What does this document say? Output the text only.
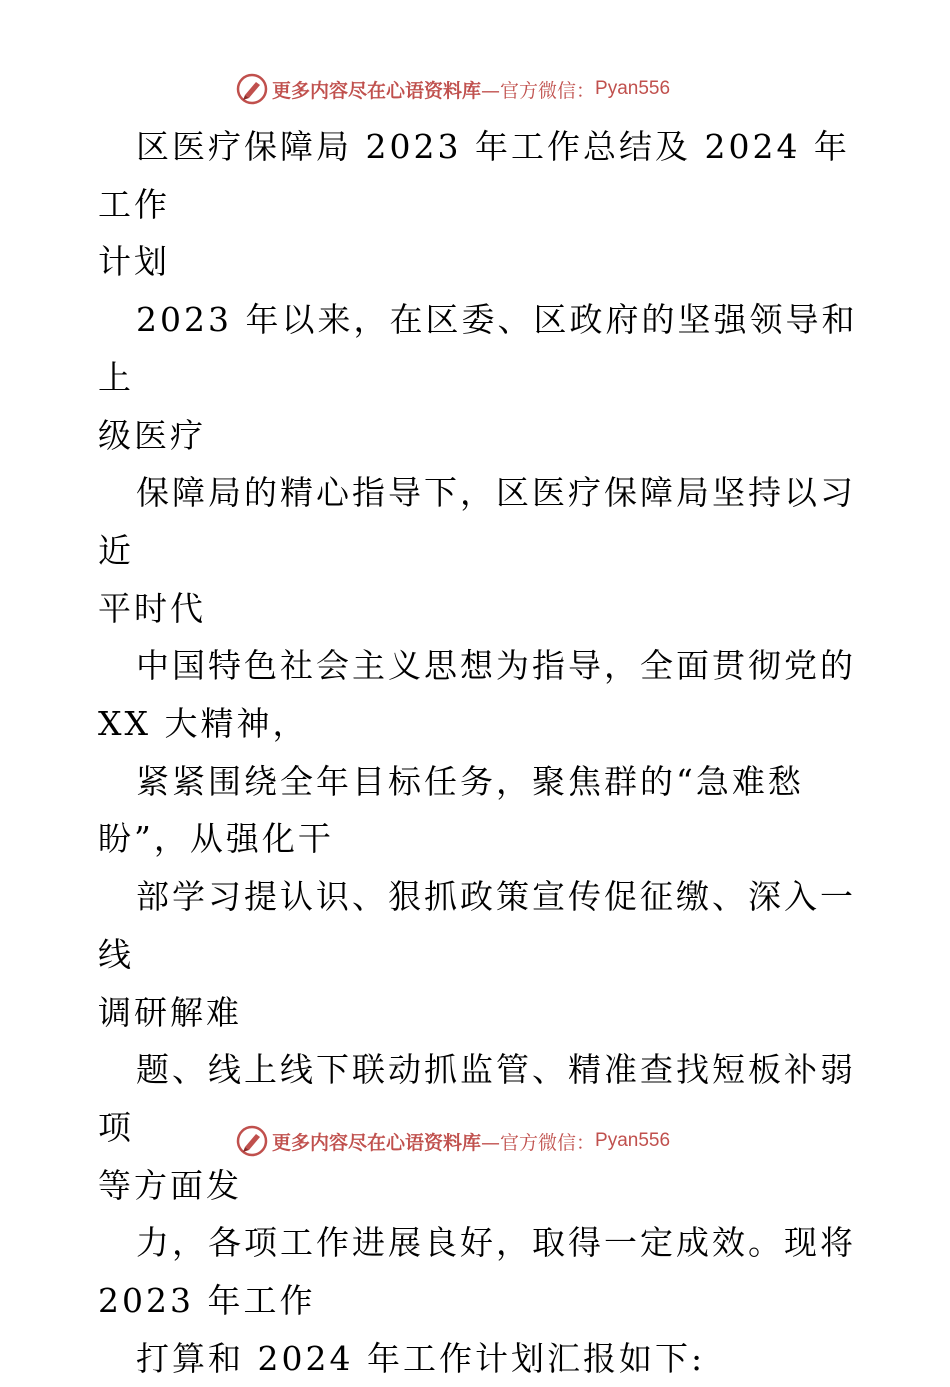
更多内容尽在心语资料库 —官方微信： Pyan556

区医疗保障局 2023 年工作总结及 2024 年工作

计划

2023 年以来，在区委、区政府的坚强领导和上

级医疗

保障局的精心指导下，区医疗保障局坚持以习近

平时代

中国特色社会主义思想为指导，全面贯彻党的

XX 大精神，

紧紧围绕全年目标任务，聚焦群的“急难愁

盼”，从强化干

部学习提认识、狠抓政策宣传促征缴、深入一线

调研解难

题、线上线下联动抓监管、精准查找短板补弱项

等方面发

力，各项工作进展良好，取得一定成效。现将

2023 年工作

打算和 2024 年工作计划汇报如下:

更多内容尽在心语资料库 —官方微信： Pyan556
